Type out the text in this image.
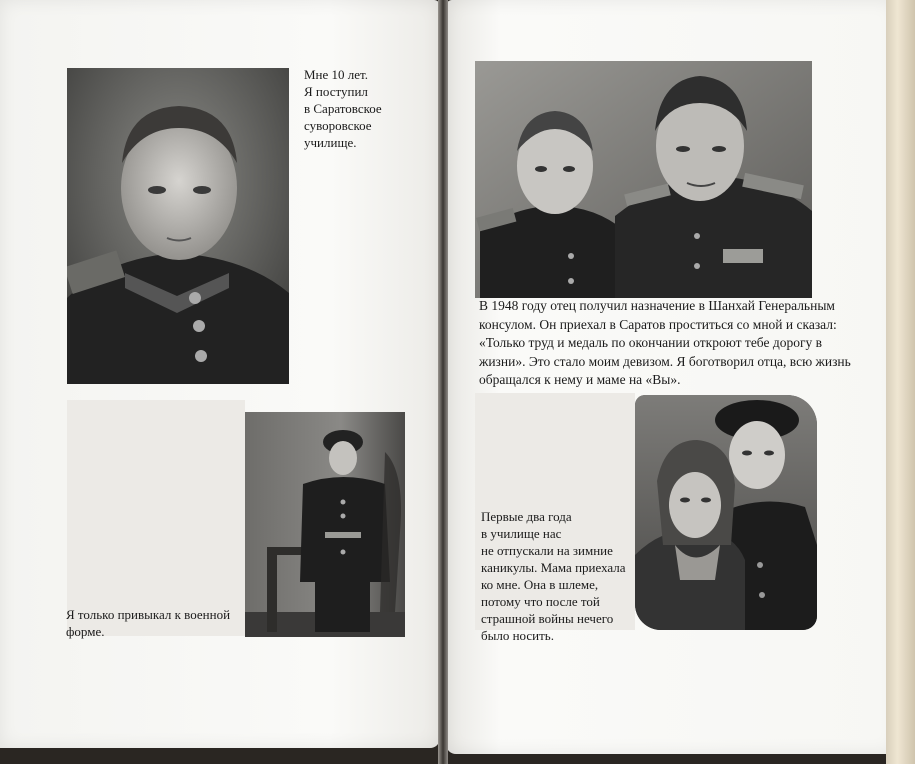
Мне 10 лет.
Я поступил
в Саратовское
суворовское
училище.
Я только привыкал к военной
форме.
В 1948 году отец получил назначение в Шанхай Генеральным
консулом. Он приехал в Саратов проститься со мной и сказал:
«Только труд и медаль по окончании откроют тебе дорогу в
жизни». Это стало моим девизом. Я боготворил отца, всю жизнь
обращался к нему и маме на «Вы».
Первые два года
в училище нас
не отпускали на зимние
каникулы. Мама приехала
ко мне. Она в шлеме,
потому что после той
страшной войны нечего
было носить.
